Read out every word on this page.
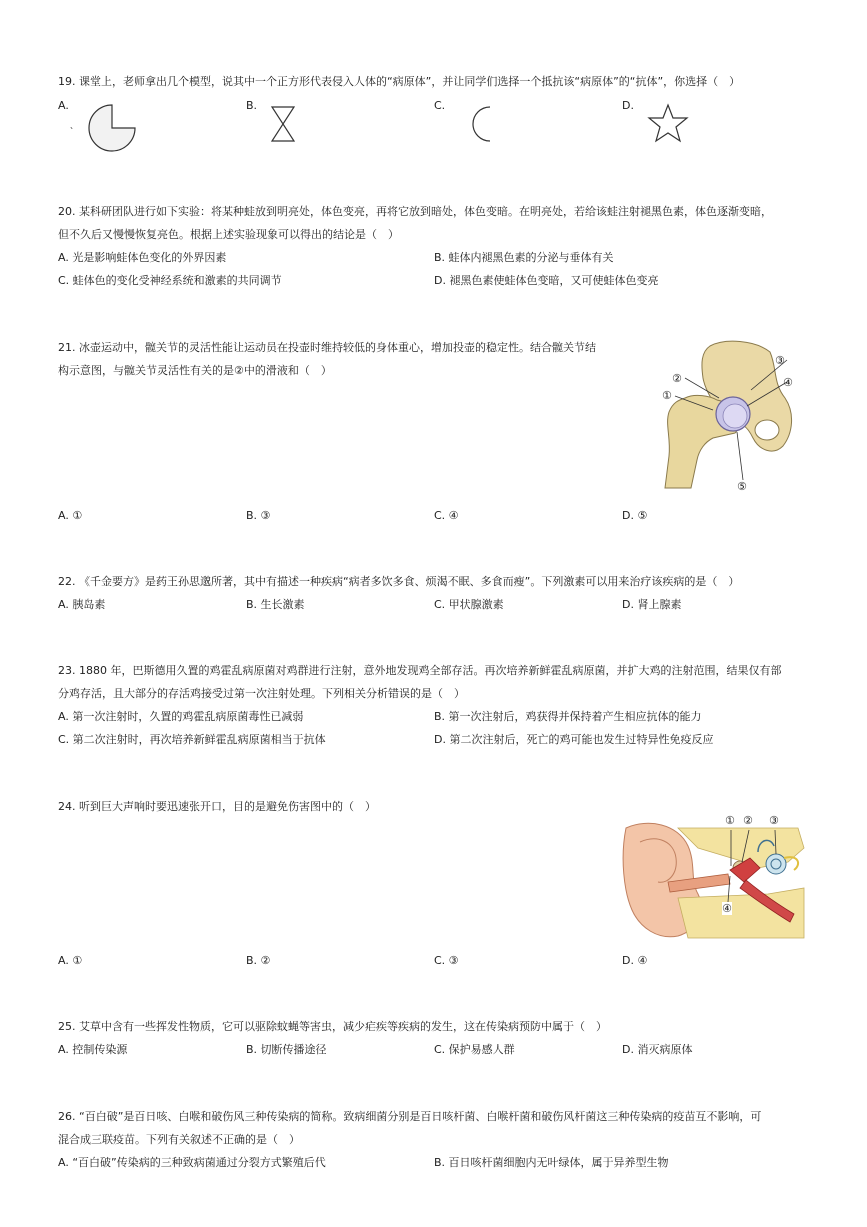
19. 课堂上，老师拿出几个模型，说其中一个正方形代表侵入人体的“病原体”，并让同学们选择一个抵抗该“病原体”的“抗体”，你选择（　）
A.
、
B.	C.	D.
20. 某科研团队进行如下实验：将某种蛙放到明亮处，体色变亮，再将它放到暗处，体色变暗。在明亮处，若给该蛙注射褪黑色素，体色逐渐变暗，
但不久后又慢慢恢复亮色。根据上述实验现象可以得出的结论是（　）
A. 光是影响蛙体色变化的外界因素	B. 蛙体内褪黑色素的分泌与垂体有关
C. 蛙体色的变化受神经系统和激素的共同调节	D. 褪黑色素使蛙体色变暗，又可使蛙体色变亮
21. 冰壶运动中，髋关节的灵活性能让运动员在投壶时维持较低的身体重心，增加投壶的稳定性。结合髋关节结
构示意图，与髋关节灵活性有关的是②中的滑液和（　）
③
②	④
①
⑤
A. ①	B. ③	C. ④	D. ⑤
22. 《千金要方》是药王孙思邈所著，其中有描述一种疾病“病者多饮多食、烦渴不眠、多食而瘦”。下列激素可以用来治疗该疾病的是（　）
A. 胰岛素	B. 生长激素	C. 甲状腺激素	D. 肾上腺素
23. 1880 年，巴斯德用久置的鸡霍乱病原菌对鸡群进行注射，意外地发现鸡全部存活。再次培养新鲜霍乱病原菌，并扩大鸡的注射范围，结果仅有部
分鸡存活，且大部分的存活鸡接受过第一次注射处理。下列相关分析错误的是（　）
A. 第一次注射时，久置的鸡霍乱病原菌毒性已减弱	B. 第一次注射后，鸡获得并保持着产生相应抗体的能力
C. 第二次注射时，再次培养新鲜霍乱病原菌相当于抗体	D. 第二次注射后，死亡的鸡可能也发生过特异性免疫反应
24. 听到巨大声响时要迅速张开口，目的是避免伤害图中的（　）
① ② ③
④
A. ①	B. ②	C. ③	D. ④
25. 艾草中含有一些挥发性物质，它可以驱除蚊蝇等害虫，减少疟疾等疾病的发生，这在传染病预防中属于（　）
A. 控制传染源	B. 切断传播途径	C. 保护易感人群	D. 消灭病原体
26. “百白破”是百日咳、白喉和破伤风三种传染病的简称。致病细菌分别是百日咳杆菌、白喉杆菌和破伤风杆菌这三种传染病的疫苗互不影响，可
混合成三联疫苗。下列有关叙述不正确的是（　）
A. “百白破”传染病的三种致病菌通过分裂方式繁殖后代	B. 百日咳杆菌细胞内无叶绿体，属于异养型生物
